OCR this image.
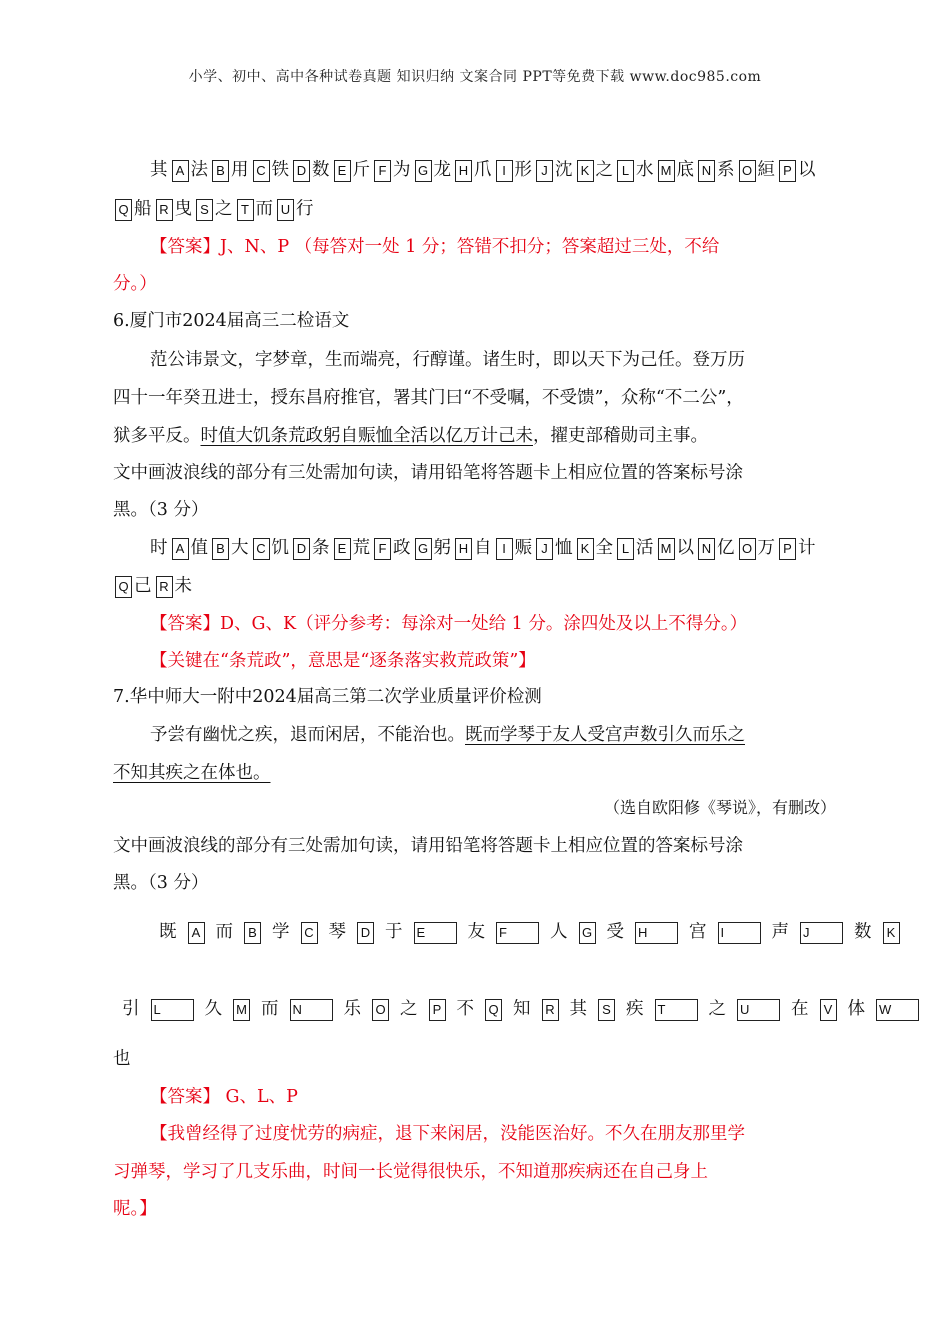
小学、初中、高中各种试卷真题 知识归纳 文案合同 PPT等免费下载 www.doc985.com
其 A 法 B 用 C 铁 D 数 E 斤 F 为 G 龙 H 爪 I 形 J 沈 K 之 L 水 M 底 N 系 O 絙 P 以
Q 船 R 曳 S 之 T 而 U 行
【答案】J、N、P （每答对一处 1 分；答错不扣分；答案超过三处，不给
分。）
6.厦门市2024届高三二检语文
范公讳景文，字梦章，生而端亮，行醇谨。诸生时，即以天下为己任。登万历
四十一年癸丑进士，授东昌府推官，署其门曰“不受嘱，不受馈”，众称“不二公”，
狱多平反。时值大饥条荒政躬自赈恤全活以亿万计己未，擢吏部稽勋司主事。
文中画波浪线的部分有三处需加句读，请用铅笔将答题卡上相应位置的答案标号涂
黑。（3 分）
时 A 值 B 大 C 饥 D 条 E 荒 F 政 G 躬 H 自 I 赈 J 恤 K 全 L 活 M 以 N 亿 O 万 P 计
Q 己 R 未
【答案】D、G、K（评分参考：每涂对一处给 1 分。涂四处及以上不得分。）
【关键在“条荒政”，意思是“逐条落实救荒政策”】
7.华中师大一附中2024届高三第二次学业质量评价检测
予尝有幽忧之疾，退而闲居，不能治也。既而学琴于友人受宫声数引久而乐之
不知其疾之在体也。
（选自欧阳修《琴说》，有删改）
文中画波浪线的部分有三处需加句读，请用铅笔将答题卡上相应位置的答案标号涂
黑。（3 分）
既 A 而 B 学 C 琴 D 于 E 友 F 人 G 受 H 宫 I	声 J	数 K
引 L	久 M 而 N 乐 O 之 P 不 Q 知 R 其 S 疾 T 之 U 在 V 体 W
也
【答案】 G、L、P
【我曾经得了过度忧劳的病症，退下来闲居，没能医治好。不久在朋友那里学
习弹琴，学习了几支乐曲，时间一长觉得很快乐，不知道那疾病还在自己身上
呢。】
